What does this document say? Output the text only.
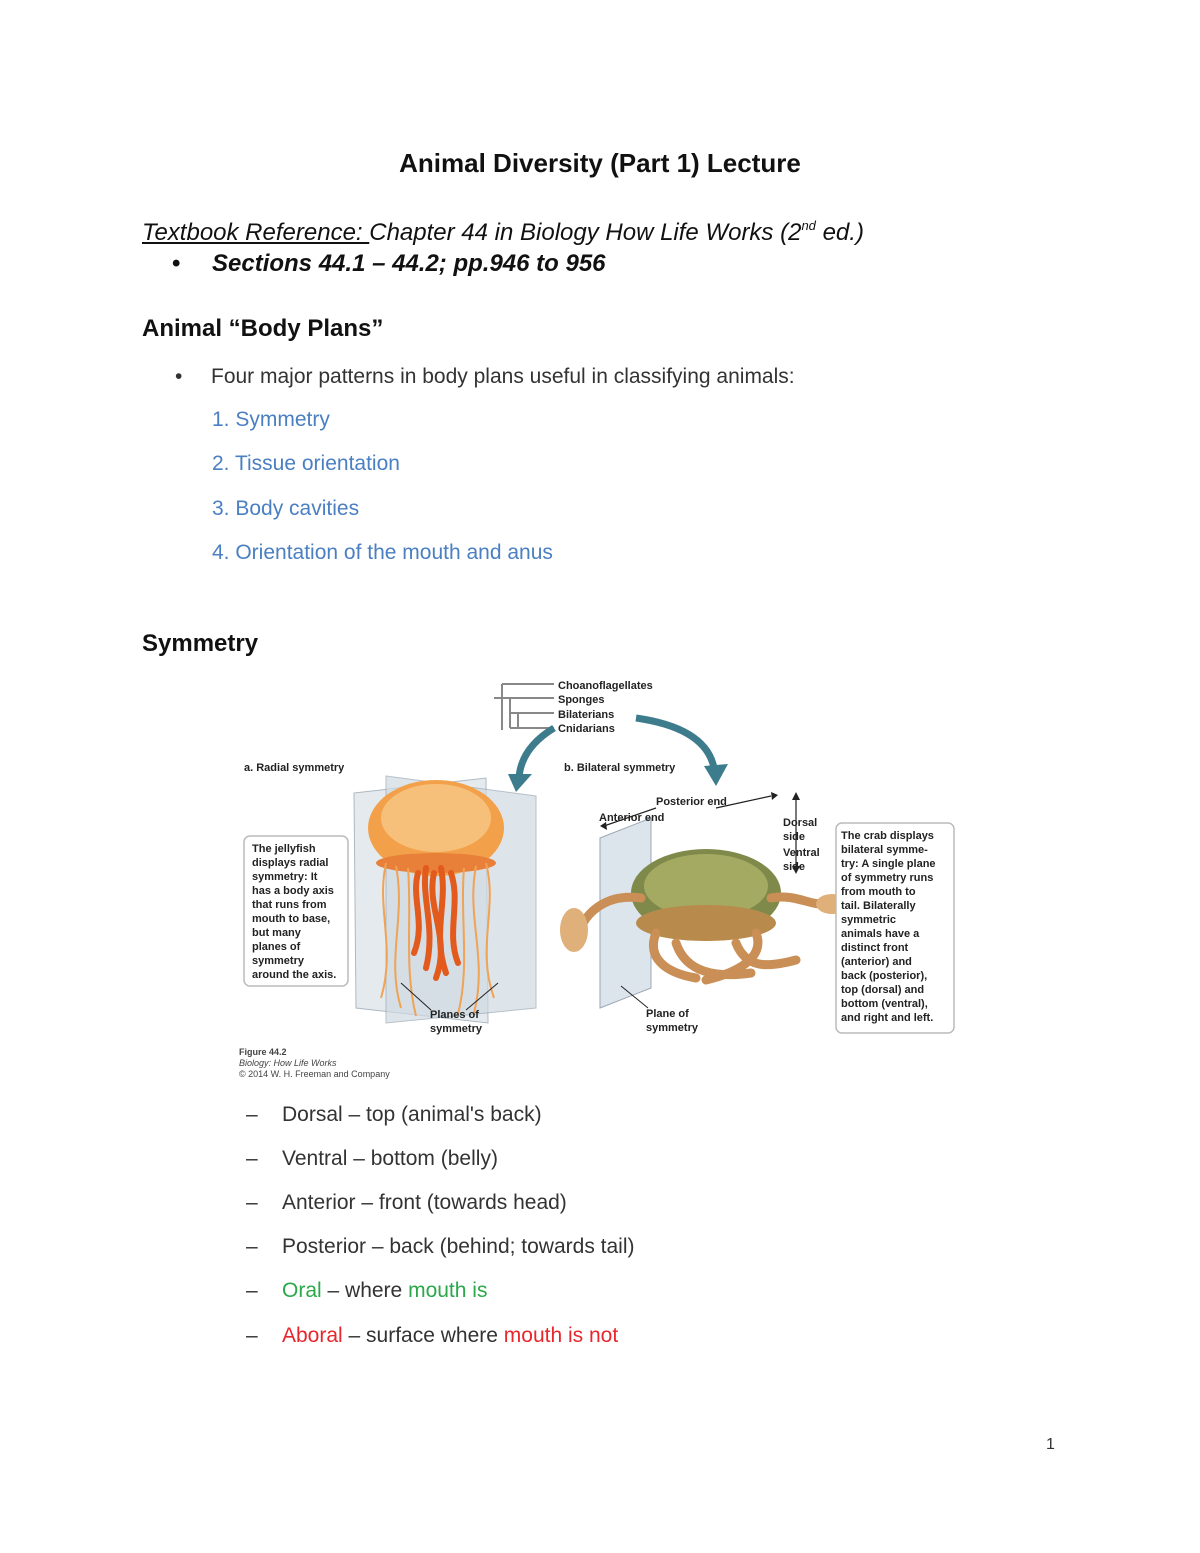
Animal Diversity (Part 1) Lecture
Textbook Reference: Chapter 44 in Biology How Life Works (2nd ed.)
• Sections 44.1 – 44.2; pp.946 to 956
Animal “Body Plans”
• Four major patterns in body plans useful in classifying animals:
1. Symmetry
2. Tissue orientation
3. Body cavities
4. Orientation of the mouth and anus
Symmetry
Choanoflagellates
Sponges
Bilaterians
Cnidarians
a. Radial symmetry	b. Bilateral symmetry
The jellyfish
displays radial
symmetry: It
has a body axis
that runs from
mouth to base,
but many
planes of
symmetry
around the axis.
Planes of
symmetry
Posterior end
Anterior end	Dorsal
side
Ventral
side
The crab displays
bilateral symme-
try: A single plane
of symmetry runs
from mouth to
tail. Bilaterally
symmetric
animals have a
distinct front
(anterior) and
back (posterior),
top (dorsal) and
bottom (ventral),
and right and left.
Plane of
symmetry
Figure 44.2
Biology: How Life Works
© 2014 W. H. Freeman and Company
– Dorsal – top (animal's back)
– Ventral – bottom (belly)
– Anterior – front (towards head)
– Posterior – back (behind; towards tail)
– Oral – where mouth is
– Aboral – surface where mouth is not
1
